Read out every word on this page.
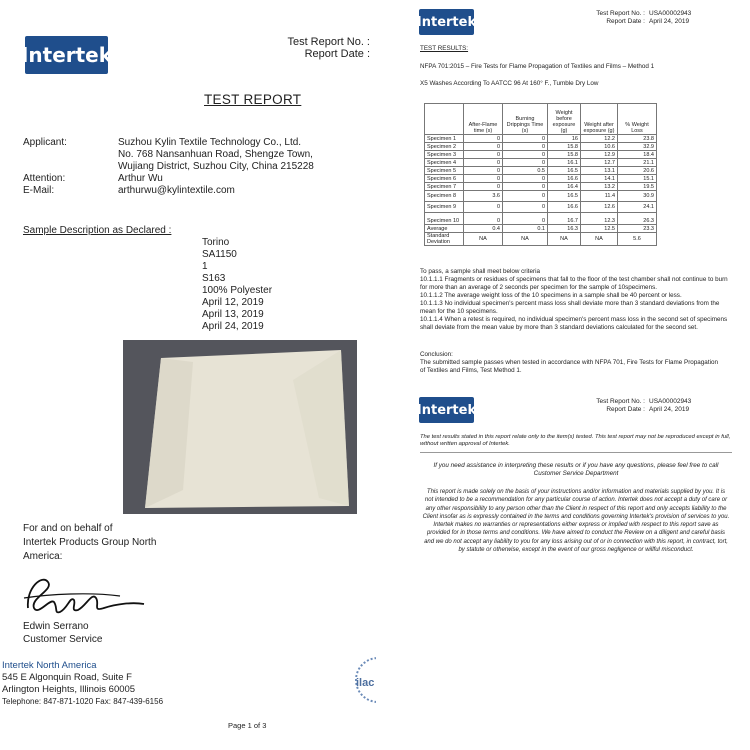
Intertek
Test Report No. :
Report Date :
TEST REPORT
Applicant:	Suzhou Kylin Textile Technology Co., Ltd.
No. 768 Nansanhuan Road, Shengze Town,
Wujiang District, Suzhou City, China 215228
Attention:	Arthur Wu
E-Mail:	arthurwu@kylintextile.com
Sample Description as Declared :
Torino
SA1150
1
S163
100% Polyester
April 12, 2019
April 13, 2019
April 24, 2019
For and on behalf of
Intertek Products Group North
America:
Edwin Serrano
Customer Service
Intertek North America
545 E Algonquin Road, Suite F
Arlington Heights, Illinois 60005
Telephone: 847-871-1020 Fax: 847-439-6156
ilac
Page 1 of 3
Intertek
Test Report No. :
Report Date :
USA00002943
April 24, 2019
TEST RESULTS:
NFPA 701:2015 – Fire Tests for Flame Propagation of Textiles and Films – Method 1
X5 Washes According To AATCC 96 At 160° F., Tumble Dry Low
	After-Flame time (s)	Burning Drippings Time (s)	Weight before exposure (g)	Weight after exposure (g)	% Weight Loss
Specimen 1	0	0	16	12.2	23.8
Specimen 2	0	0	15.8	10.6	32.9
Specimen 3	0	0	15.8	12.9	18.4
Specimen 4	0	0	16.1	12.7	21.1
Specimen 5	0	0.5	16.5	13.1	20.6
Specimen 6	0	0	16.6	14.1	15.1
Specimen 7	0	0	16.4	13.2	19.5
Specimen 8	3.6	0	16.5	11.4	30.9
Specimen 9	0	0	16.6	12.6	24.1
Specimen 10	0	0	16.7	12.3	26.3
Average	0.4	0.1	16.3	12.5	23.3
Standard Deviation	NA	NA	NA	NA	5.6
To pass, a sample shall meet below criteria
10.1.1.1 Fragments or residues of specimens that fall to the floor of the test chamber shall not continue to burn for more than an average of 2 seconds per specimen for the sample of 10specimens.
10.1.1.2 The average weight loss of the 10 specimens in a sample shall be 40 percent or less.
10.1.1.3 No individual specimen's percent mass loss shall deviate more than 3 standard deviations from the mean for the 10 specimens.
10.1.1.4 When a retest is required, no individual specimen's percent mass loss in the second set of specimens shall deviate from the mean value by more than 3 standard deviations calculated for the second set.
Conclusion:
The submitted sample passes when tested in accordance with NFPA 701, Fire Tests for Flame Propagation of Textiles and Films, Test Method 1.
Intertek
Test Report No. :
Report Date :
USA00002943
April 24, 2019
The test results stated in this report relate only to the item(s) tested. This test report may not be reproduced except in full, without written approval of Intertek.
If you need assistance in interpreting these results or if you have any questions, please feel free to call Customer Service Department
This report is made solely on the basis of your instructions and/or information and materials supplied by you. It is not intended to be a recommendation for any particular course of action. Intertek does not accept a duty of care or any other responsibility to any person other than the Client in respect of this report and only accepts liability to the Client insofar as is expressly contained in the terms and conditions governing Intertek's provision of services to you. Intertek makes no warranties or representations either express or implied with respect to this report save as provided for in those terms and conditions. We have aimed to conduct the Review on a diligent and careful basis and we do not accept any liability to you for any loss arising out of or in connection with this report, in contract, tort, by statute or otherwise, except in the event of our gross negligence or willful misconduct.
